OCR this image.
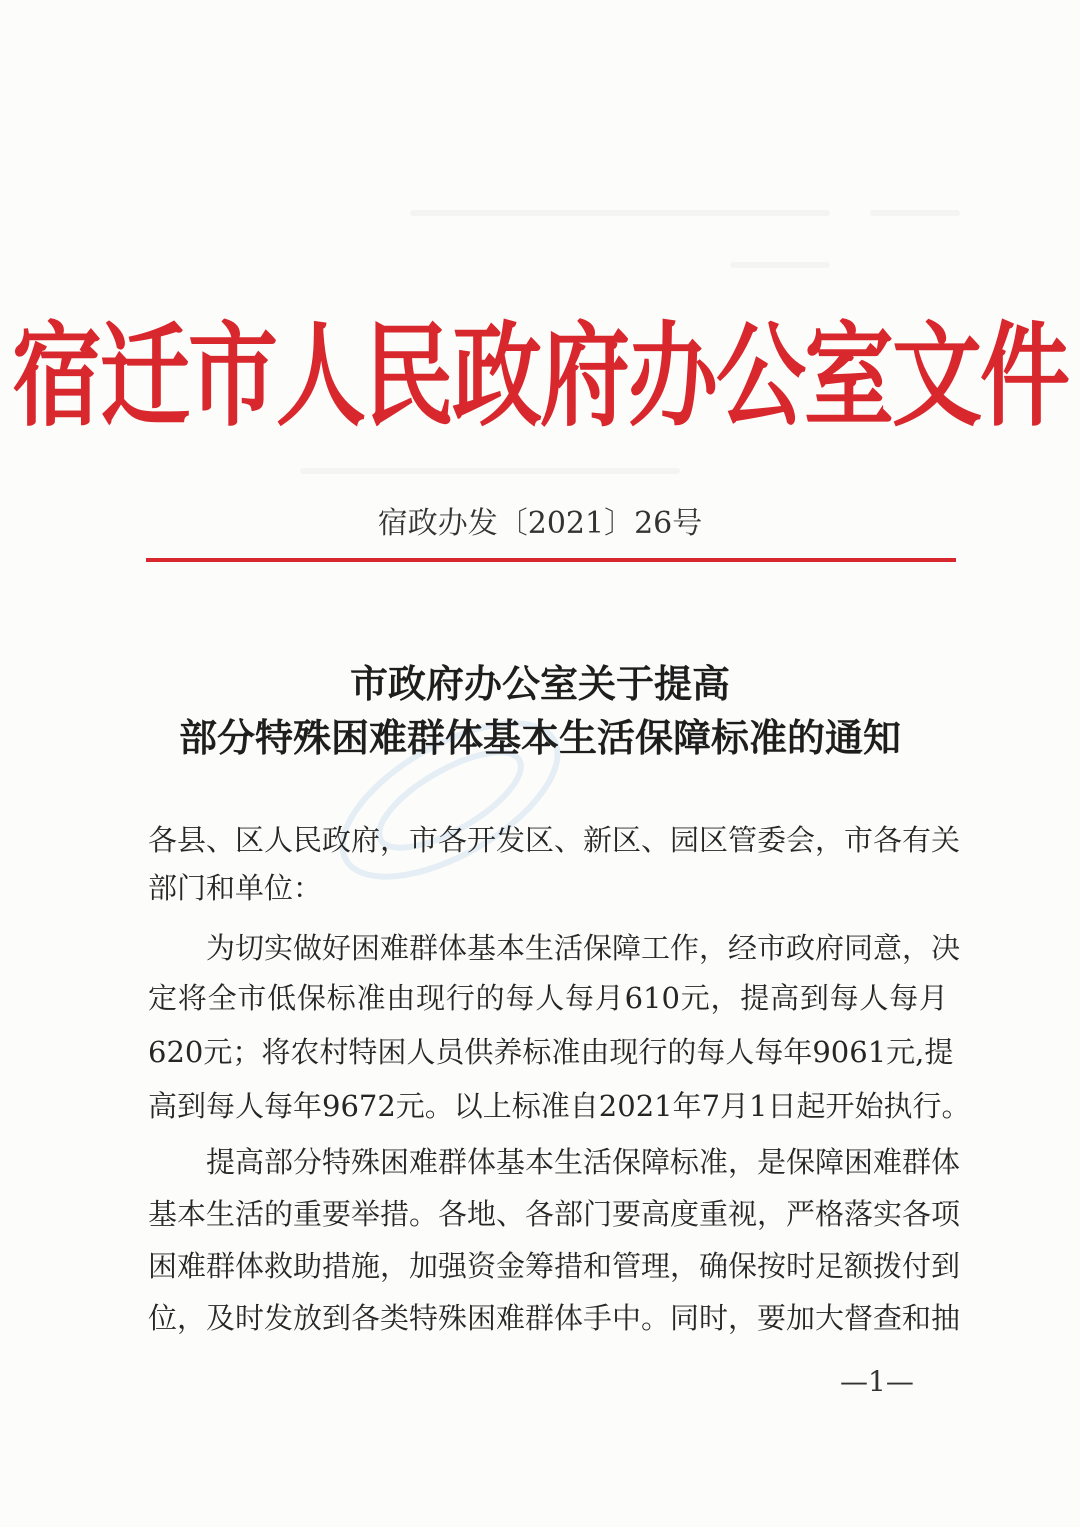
宿迁市人民政府办公室文件
宿政办发〔2021〕26号
市政府办公室关于提高
部分特殊困难群体基本生活保障标准的通知
各县、区人民政府，市各开发区、新区、园区管委会，市各有关
部门和单位：
为切实做好困难群体基本生活保障工作，经市政府同意，决
定将全市低保标准由现行的每人每月610元，提高到每人每月
620元；将农村特困人员供养标准由现行的每人每年9061元,提
高到每人每年9672元。以上标准自2021年7月1日起开始执行。
提高部分特殊困难群体基本生活保障标准，是保障困难群体
基本生活的重要举措。各地、各部门要高度重视，严格落实各项
困难群体救助措施，加强资金筹措和管理，确保按时足额拨付到
位，及时发放到各类特殊困难群体手中。同时，要加大督查和抽
—1—
